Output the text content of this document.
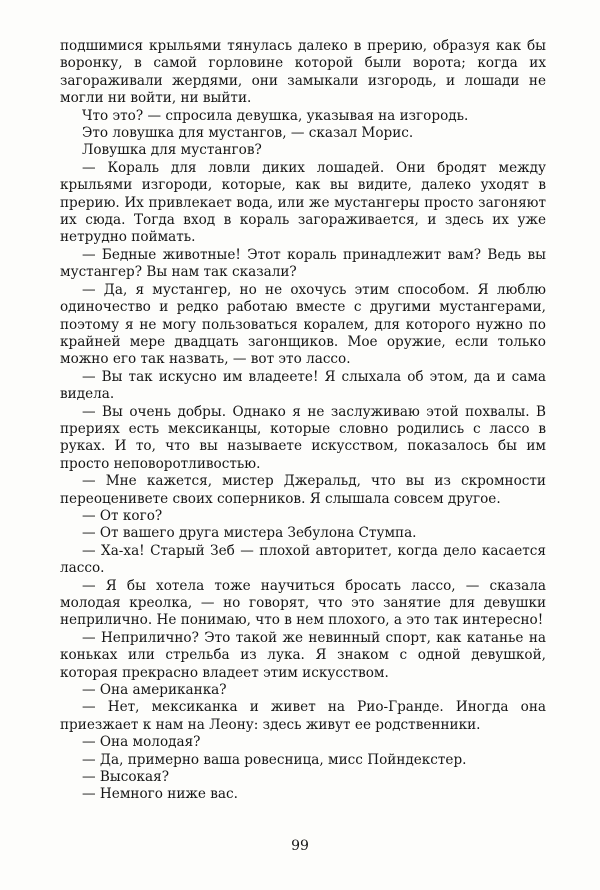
подшимися крыльями тянулась далеко в прерию, образуя как бы воронку, в самой горловине которой были ворота; когда их загораживали жердями, они замыкали изгородь, и лошади не могли ни войти, ни выйти.

Что это? — спросила девушка, указывая на изгородь.

Это ловушка для мустангов, — сказал Морис.

Ловушка для мустангов?

— Кораль для ловли диких лошадей. Они бродят между крыльями изгороди, которые, как вы видите, далеко уходят в прерию. Их привлекает вода, или же мустангеры просто загоняют их сюда. Тогда вход в кораль загораживается, и здесь их уже нетрудно поймать.

— Бедные животные! Этот кораль принадлежит вам? Ведь вы мустангер? Вы нам так сказали?

— Да, я мустангер, но не охочусь этим способом. Я люблю одиночество и редко работаю вместе с другими мустангерами, поэтому я не могу пользоваться коралем, для которого нужно по крайней мере двадцать загонщиков. Мое оружие, если только можно его так назвать, — вот это лассо.

— Вы так искусно им владеете! Я слыхала об этом, да и сама видела.

— Вы очень добры. Однако я не заслуживаю этой похвалы. В прериях есть мексиканцы, которые словно родились с лассо в руках. И то, что вы называете искусством, показалось бы им просто неповоротливостью.

— Мне кажется, мистер Джеральд, что вы из скромности переоценивете своих соперников. Я слышала совсем другое.

— От кого?

— От вашего друга мистера Зебулона Стумпа.

— Ха-ха! Старый Зеб — плохой авторитет, когда дело касается лассо.

— Я бы хотела тоже научиться бросать лассо, — сказала молодая креолка, — но говорят, что это занятие для девушки неприлично. Не понимаю, что в нем плохого, а это так интересно!

— Неприлично? Это такой же невинный спорт, как катанье на коньках или стрельба из лука. Я знаком с одной девушкой, которая прекрасно владеет этим искусством.

— Она американка?

— Нет, мексиканка и живет на Рио-Гранде. Иногда она приезжает к нам на Леону: здесь живут ее родственники.

— Она молодая?

— Да, примерно ваша ровесница, мисс Пойндекстер.

— Высокая?

— Немного ниже вас.

99
